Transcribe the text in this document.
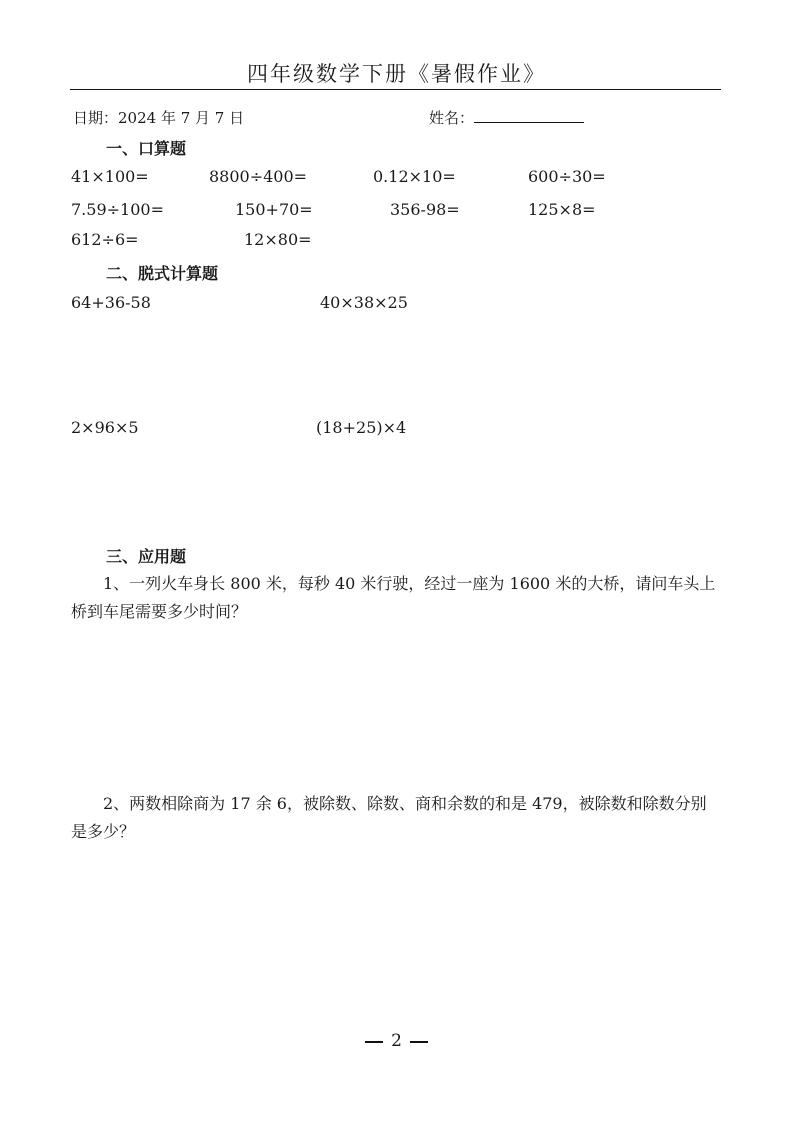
四年级数学下册《暑假作业》
日期：2024 年 7 月 7 日	姓名：
一、口算题
41×100=	8800÷400=	0.12×10=	600÷30=
7.59÷100=	150+70=	356-98=	125×8=
612÷6=	12×80=
二、脱式计算题
64+36-58	40×38×25
2×96×5	(18+25)×4
三、应用题
1、一列火车身长 800 米，每秒 40 米行驶，经过一座为 1600 米的大桥，请问车头上桥到车尾需要多少时间？
2、两数相除商为 17 余 6，被除数、除数、商和余数的和是 479，被除数和除数分别是多少？
2
